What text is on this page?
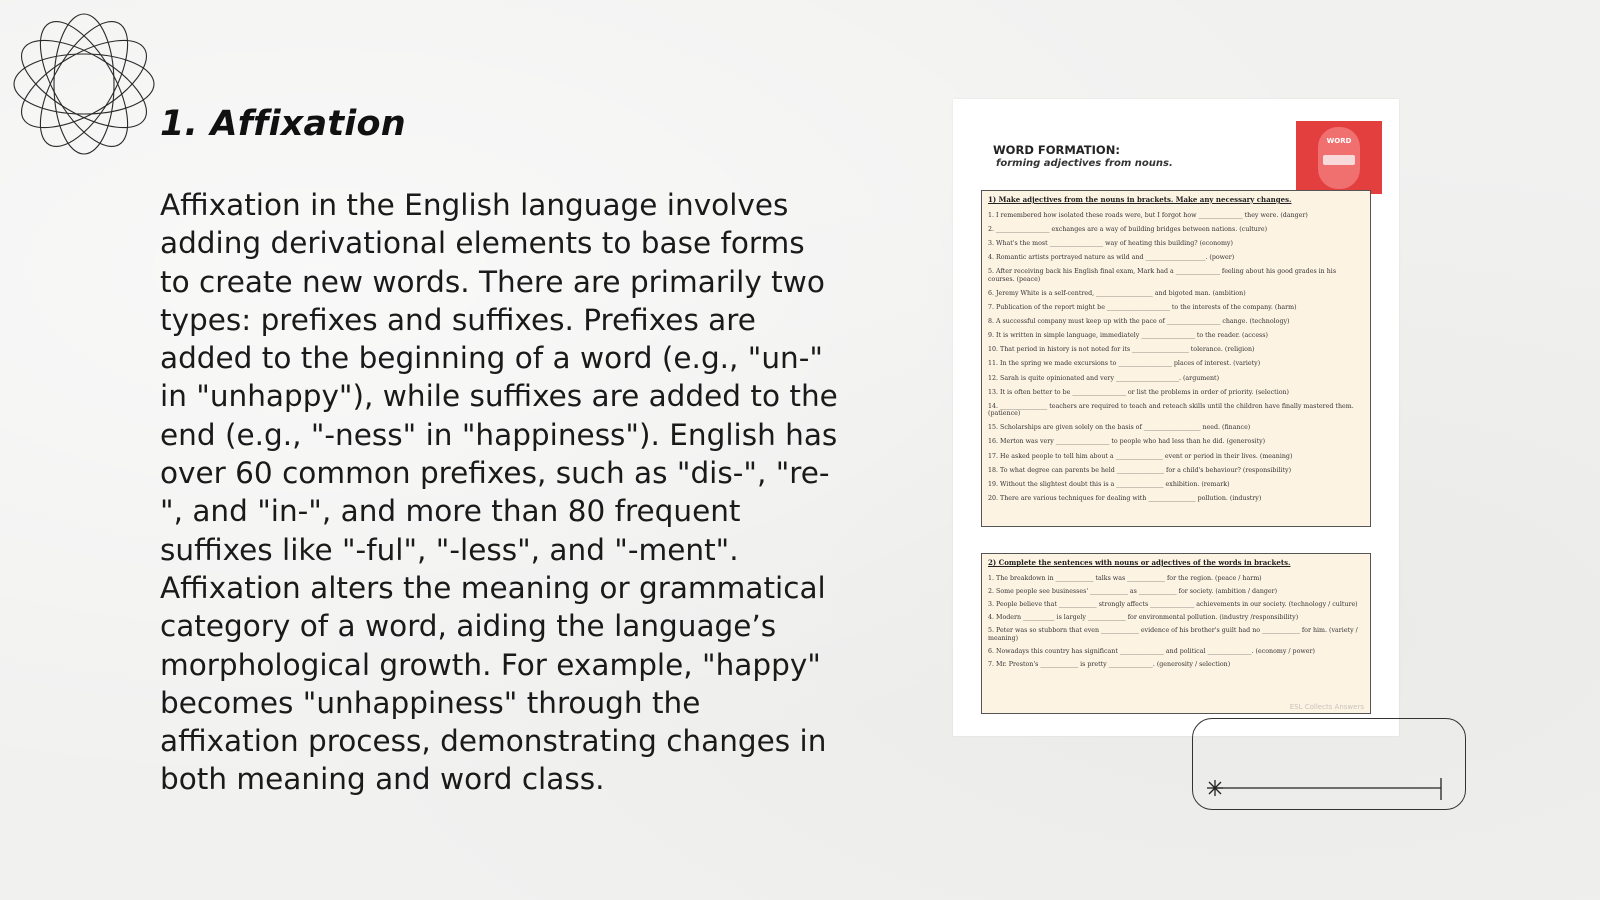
1. Affixation

Affixation in the English language involves adding derivational elements to base forms to create new words. There are primarily two types: prefixes and suffixes. Prefixes are added to the beginning of a word (e.g., "un-" in "unhappy"), while suffixes are added to the end (e.g., "-ness" in "happiness"). English has over 60 common prefixes, such as "dis-", "re-", and "in-", and more than 80 frequent suffixes like "-ful", "-less", and "-ment". Affixation alters the meaning or grammatical category of a word, aiding the language’s morphological growth. For example, "happy" becomes "unhappiness" through the affixation process, demonstrating changes in both meaning and word class.

WORD FORMATION:
forming adjectives from nouns.
WORD

1) Make adjectives from the nouns in brackets. Make any necessary changes.

1. I remembered how isolated these roads were, but I forgot how ______________ they were. (danger)

2. _________________ exchanges are a way of building bridges between nations. (culture)

3. What's the most _________________ way of heating this building? (economy)

4. Romantic artists portrayed nature as wild and ___________________. (power)

5. After receiving back his English final exam, Mark had a ______________ feeling about his good grades in his courses. (peace)

6. Jeremy White is a self-centred, __________________ and bigoted man. (ambition)

7. Publication of the report might be ____________________ to the interests of the company. (harm)

8. A successful company must keep up with the pace of _________________ change. (technology)

9. It is written in simple language, immediately _________________ to the reader. (access)

10. That period in history is not noted for its __________________ tolerance. (religion)

11. In the spring we made excursions to _________________ places of interest. (variety)

12. Sarah is quite opinionated and very ____________________. (argument)

13. It is often better to be _________________ or list the problems in order of priority. (selection)

14. _______________ teachers are required to teach and reteach skills until the children have finally mastered them. (patience)

15. Scholarships are given solely on the basis of __________________ need. (finance)

16. Merton was very _________________ to people who had less than he did. (generosity)

17. He asked people to tell him about a _______________ event or period in their lives. (meaning)

18. To what degree can parents be held _______________ for a child's behaviour? (responsibility)

19. Without the slightest doubt this is a _______________ exhibition. (remark)

20. There are various techniques for dealing with _______________ pollution. (industry)

2) Complete the sentences with nouns or adjectives of the words in brackets.

1. The breakdown in ____________ talks was ____________ for the region. (peace / harm)

2. Some people see businesses' ____________ as ____________ for society. (ambition / danger)

3. People believe that ____________ strongly affects ______________ achievements in our society. (technology / culture)

4. Modern __________ is largely ____________ for environmental pollution. (industry /responsibility)

5. Peter was so stubborn that even ____________ evidence of his brother's guilt had no ____________ for him. (variety / meaning)

6. Nowadays this country has significant ______________ and political ______________. (economy / power)

7. Mr. Preston's ____________ is pretty ______________. (generosity / selection)

ESL Collects Answers
